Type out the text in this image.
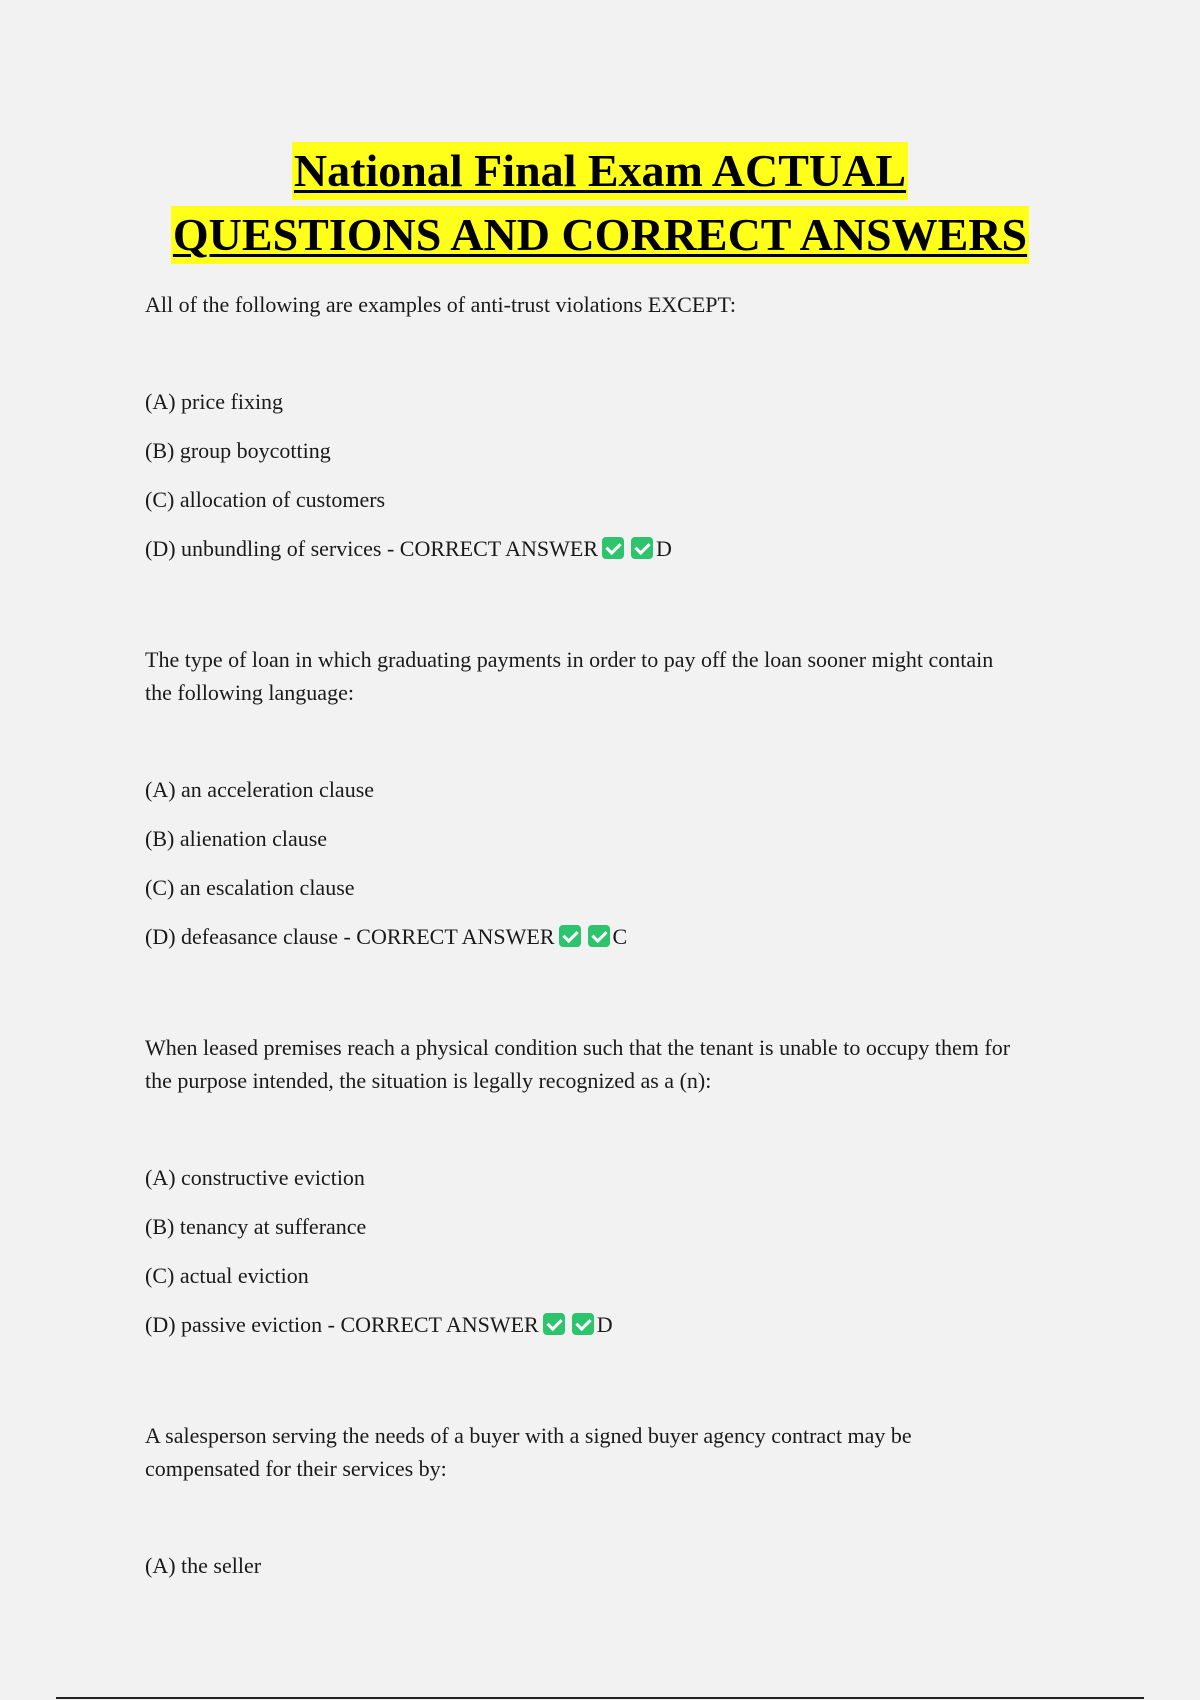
National Final Exam ACTUAL
QUESTIONS AND CORRECT ANSWERS

All of the following are examples of anti-trust violations EXCEPT:

(A) price fixing

(B) group boycotting

(C) allocation of customers

(D) unbundling of services - CORRECT ANSWER	D

The type of loan in which graduating payments in order to pay off the loan sooner might contain the following language:

(A) an acceleration clause

(B) alienation clause

(C) an escalation clause

(D) defeasance clause - CORRECT ANSWER	C

When leased premises reach a physical condition such that the tenant is unable to occupy them for the purpose intended, the situation is legally recognized as a (n):

(A) constructive eviction

(B) tenancy at sufferance

(C) actual eviction

(D) passive eviction - CORRECT ANSWER	D

A salesperson serving the needs of a buyer with a signed buyer agency contract may be compensated for their services by:

(A) the seller
